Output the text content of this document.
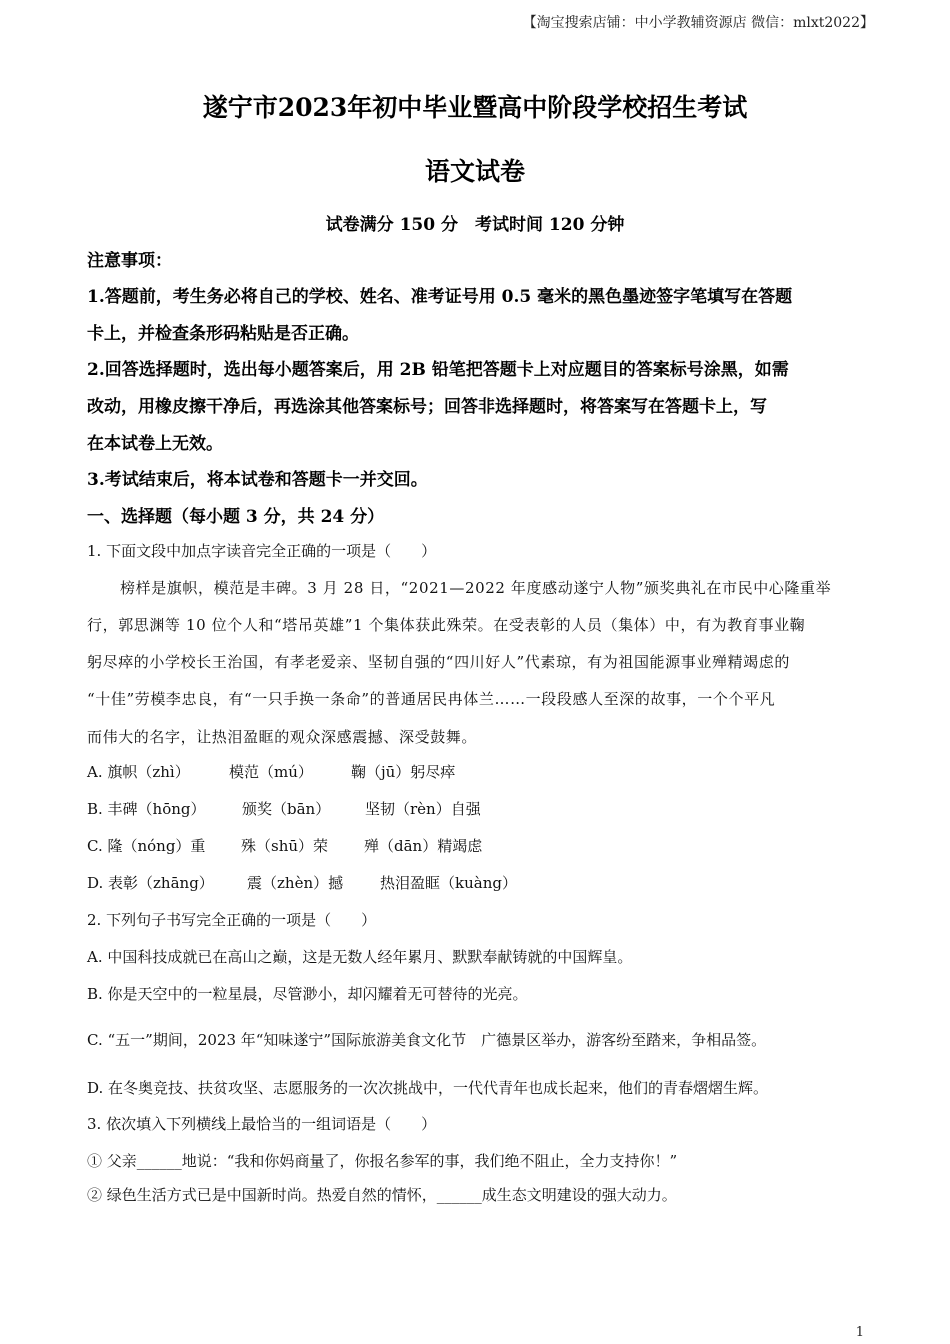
【淘宝搜索店铺：中小学教辅资源店 微信：mlxt2022】
遂宁市2023年初中毕业暨高中阶段学校招生考试
语文试卷
试卷满分 150 分　考试时间 120 分钟
注意事项：
1.答题前，考生务必将自己的学校、姓名、准考证号用 0.5 毫米的黑色墨迹签字笔填写在答题
卡上，并检查条形码粘贴是否正确。
2.回答选择题时，选出每小题答案后，用 2B 铅笔把答题卡上对应题目的答案标号涂黑，如需
改动，用橡皮擦干净后，再选涂其他答案标号；回答非选择题时，将答案写在答题卡上，写
在本试卷上无效。
3.考试结束后，将本试卷和答题卡一并交回。
一、选择题（每小题 3 分，共 24 分）
1. 下面文段中加点字读音完全正确的一项是（　　）
榜样是旗帜，模范是丰碑。3 月 28 日，“2021—2022 年度感动遂宁人物”颁奖典礼在市民中心隆重举
行，郭思渊等 10 位个人和“塔吊英雄”1 个集体获此殊荣。在受表彰的人员（集体）中，有为教育事业鞠
躬尽瘁的小学校长王治国，有孝老爱亲、坚韧自强的“四川好人”代素琼，有为祖国能源事业殚精竭虑的
“十佳”劳模李忠良，有“一只手换一条命”的普通居民冉体兰……一段段感人至深的故事，一个个平凡
而伟大的名字，让热泪盈眶的观众深感震撼、深受鼓舞。
A. 旗帜（zhì）	模范（mú）	鞠（jū）躬尽瘁
B. 丰碑（hōng） 颁奖（bān） 坚韧（rèn）自强
C. 隆（nóng）重 殊（shū）荣 殚（dān）精竭虑
D. 表彰（zhāng） 震（zhèn）撼 热泪盈眶（kuàng）
2. 下列句子书写完全正确的一项是（　　）
A. 中国科技成就已在高山之巅，这是无数人经年累月、默默奉献铸就的中国辉皇。
B. 你是天空中的一粒星晨，尽管渺小，却闪耀着无可替待的光亮。
C. “五一”期间，2023 年“知味遂宁”国际旅游美食文化节　广德景区举办，游客纷至踏来，争相品签。
D. 在冬奥竞技、扶贫攻坚、志愿服务的一次次挑战中，一代代青年也成长起来，他们的青春熠熠生辉。
3. 依次填入下列横线上最恰当的一组词语是（　　）
① 父亲______地说：“我和你妈商量了，你报名参军的事，我们绝不阻止，全力支持你！”
② 绿色生活方式已是中国新时尚。热爱自然的情怀，______成生态文明建设的强大动力。
1
